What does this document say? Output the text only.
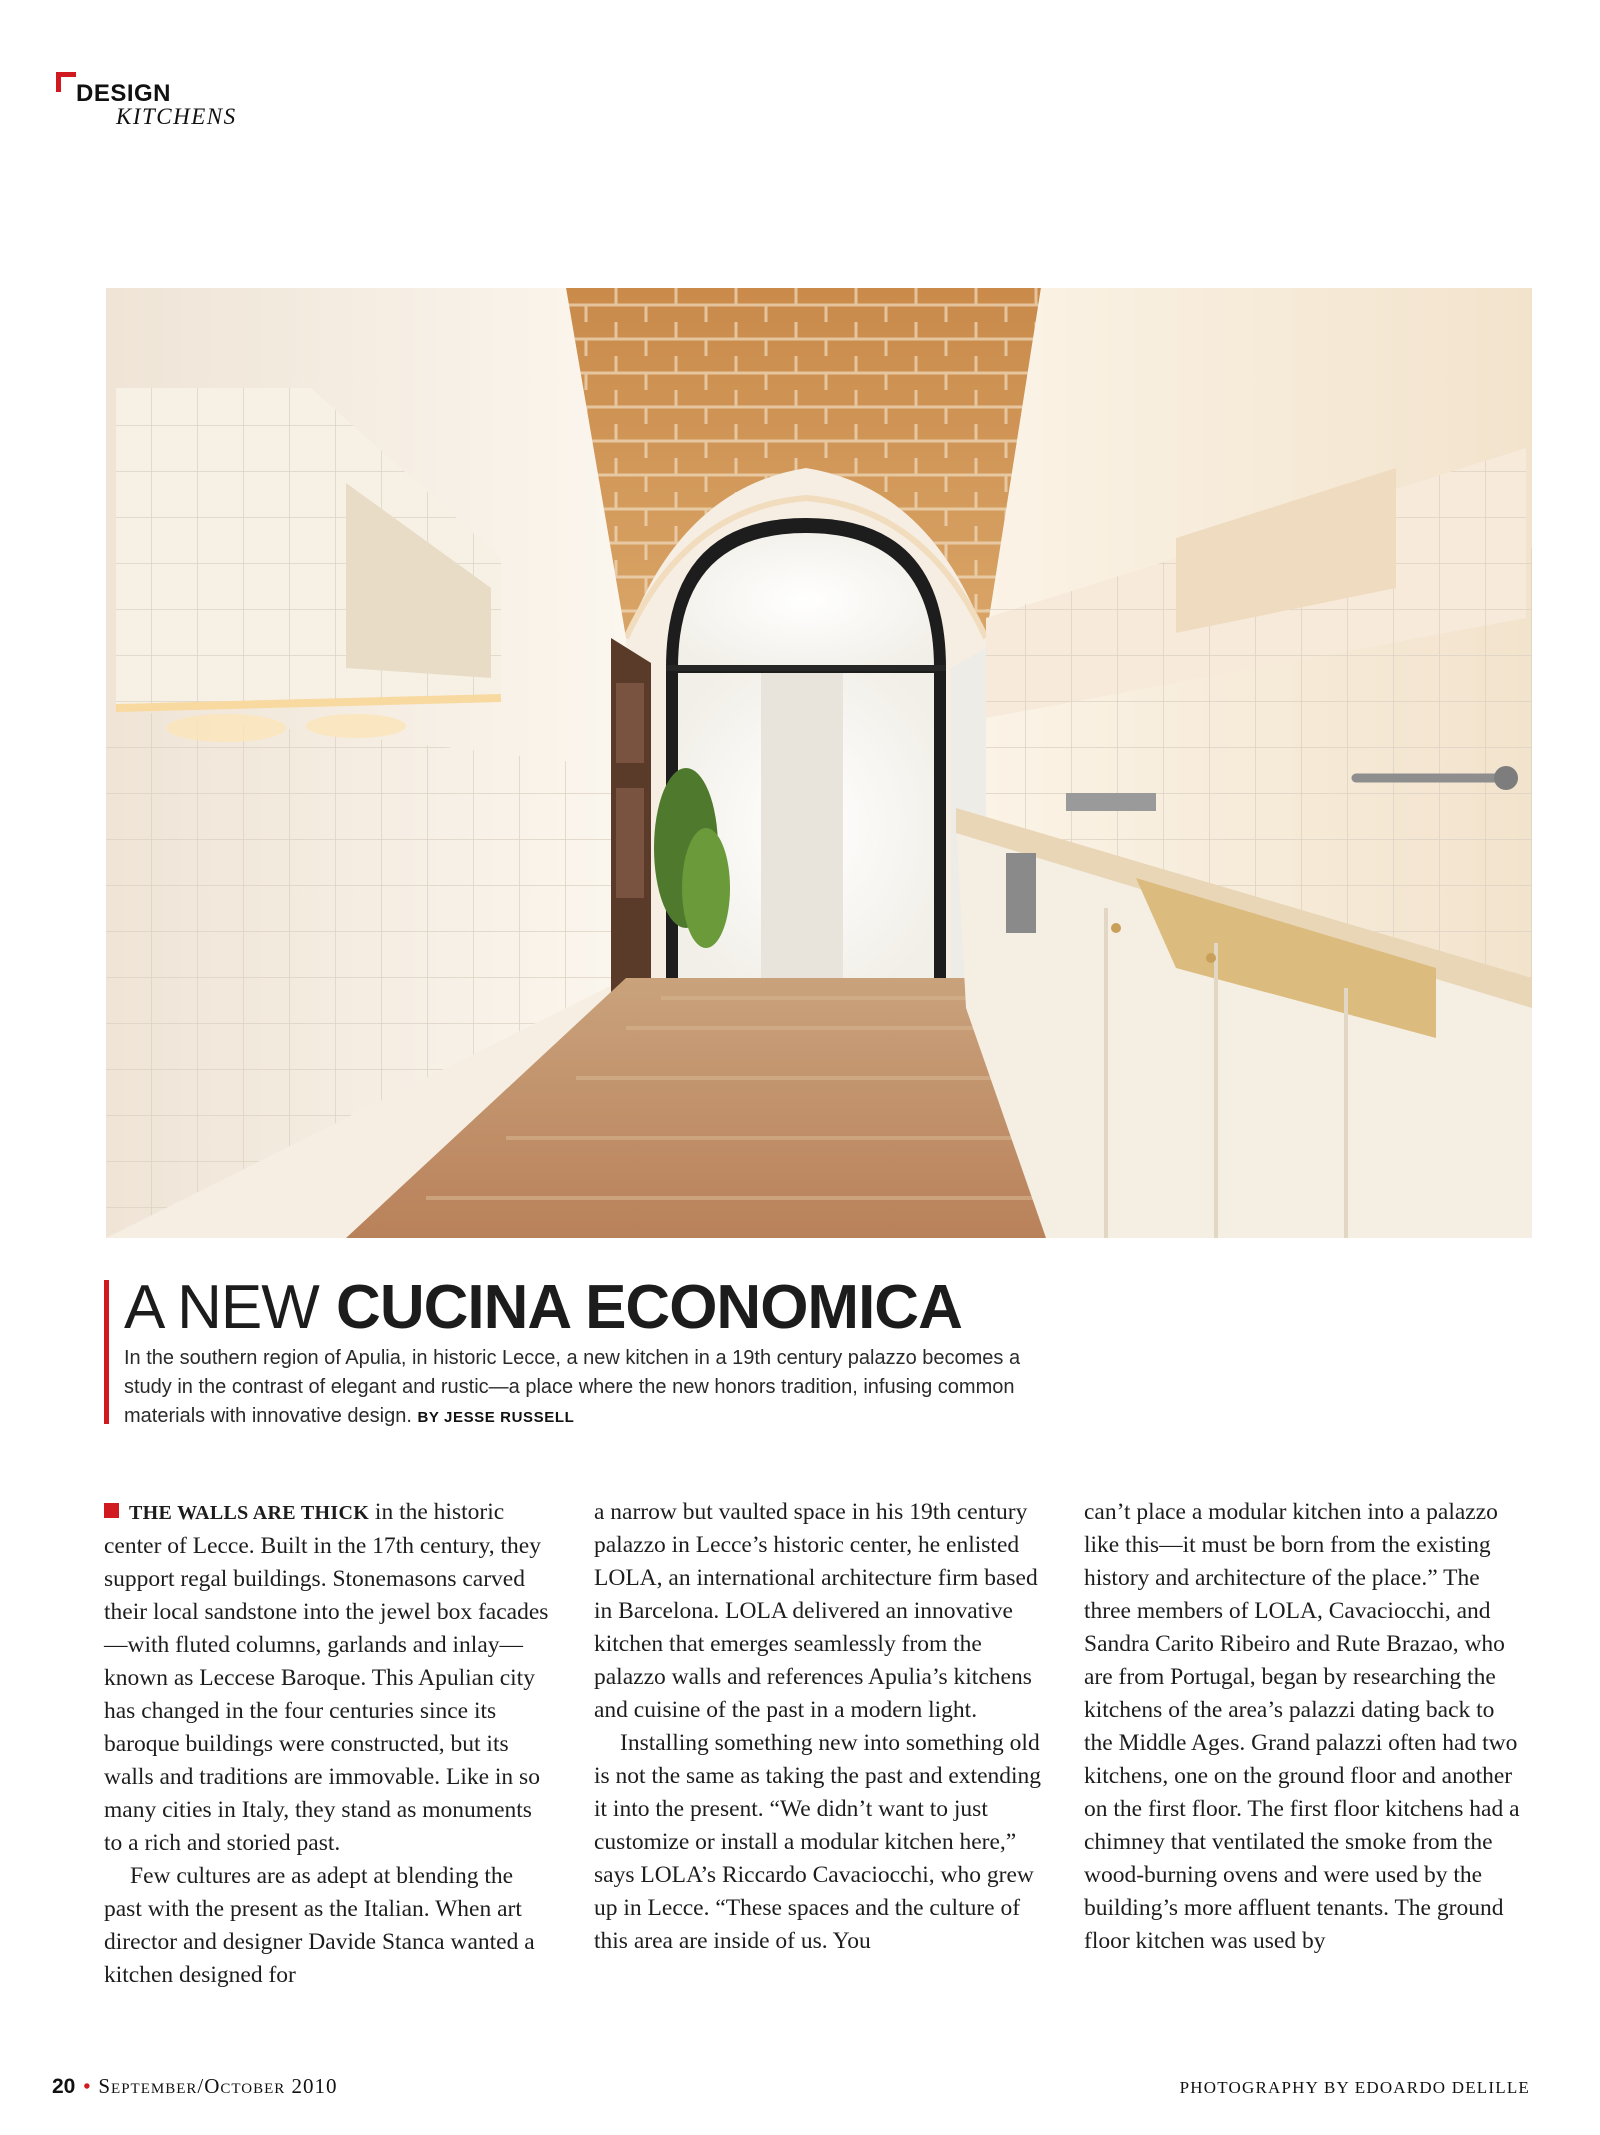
DESIGN
KITCHENS
A NEW CUCINA ECONOMICA
In the southern region of Apulia, in historic Lecce, a new kitchen in a 19th century palazzo becomes a study in the contrast of elegant and rustic—a place where the new honors tradition, infusing common materials with innovative design. BY JESSE RUSSELL

THE WALLS ARE THICK in the historic center of Lecce. Built in the 17th century, they support regal buildings. Stonemasons carved their local sandstone into the jewel box facades—with fluted columns, garlands and inlay—known as Leccese Baroque. This Apulian city has changed in the four centuries since its baroque buildings were constructed, but its walls and traditions are immovable. Like in so many cities in Italy, they stand as monuments to a rich and storied past.

Few cultures are as adept at blending the past with the present as the Italian. When art director and designer Davide Stanca wanted a kitchen designed for

a narrow but vaulted space in his 19th century palazzo in Lecce’s historic center, he enlisted LOLA, an international architecture firm based in Barcelona. LOLA delivered an innovative kitchen that emerges seamlessly from the palazzo walls and references Apulia’s kitchens and cuisine of the past in a modern light.

Installing something new into something old is not the same as taking the past and extending it into the present. “We didn’t want to just customize or install a modular kitchen here,” says LOLA’s Riccardo Cavaciocchi, who grew up in Lecce. “These spaces and the culture of this area are inside of us. You

can’t place a modular kitchen into a palazzo like this—it must be born from the existing history and architecture of the place.” The three members of LOLA, Cavaciocchi, and Sandra Carito Ribeiro and Rute Brazao, who are from Portugal, began by researching the kitchens of the area’s palazzi dating back to the Middle Ages. Grand palazzi often had two kitchens, one on the ground floor and another on the first floor. The first floor kitchens had a chimney that ventilated the smoke from the wood-burning ovens and were used by the building’s more affluent tenants. The ground floor kitchen was used by

20 • September/October 2010	PHOTOGRAPHY BY EDOARDO DELILLE
